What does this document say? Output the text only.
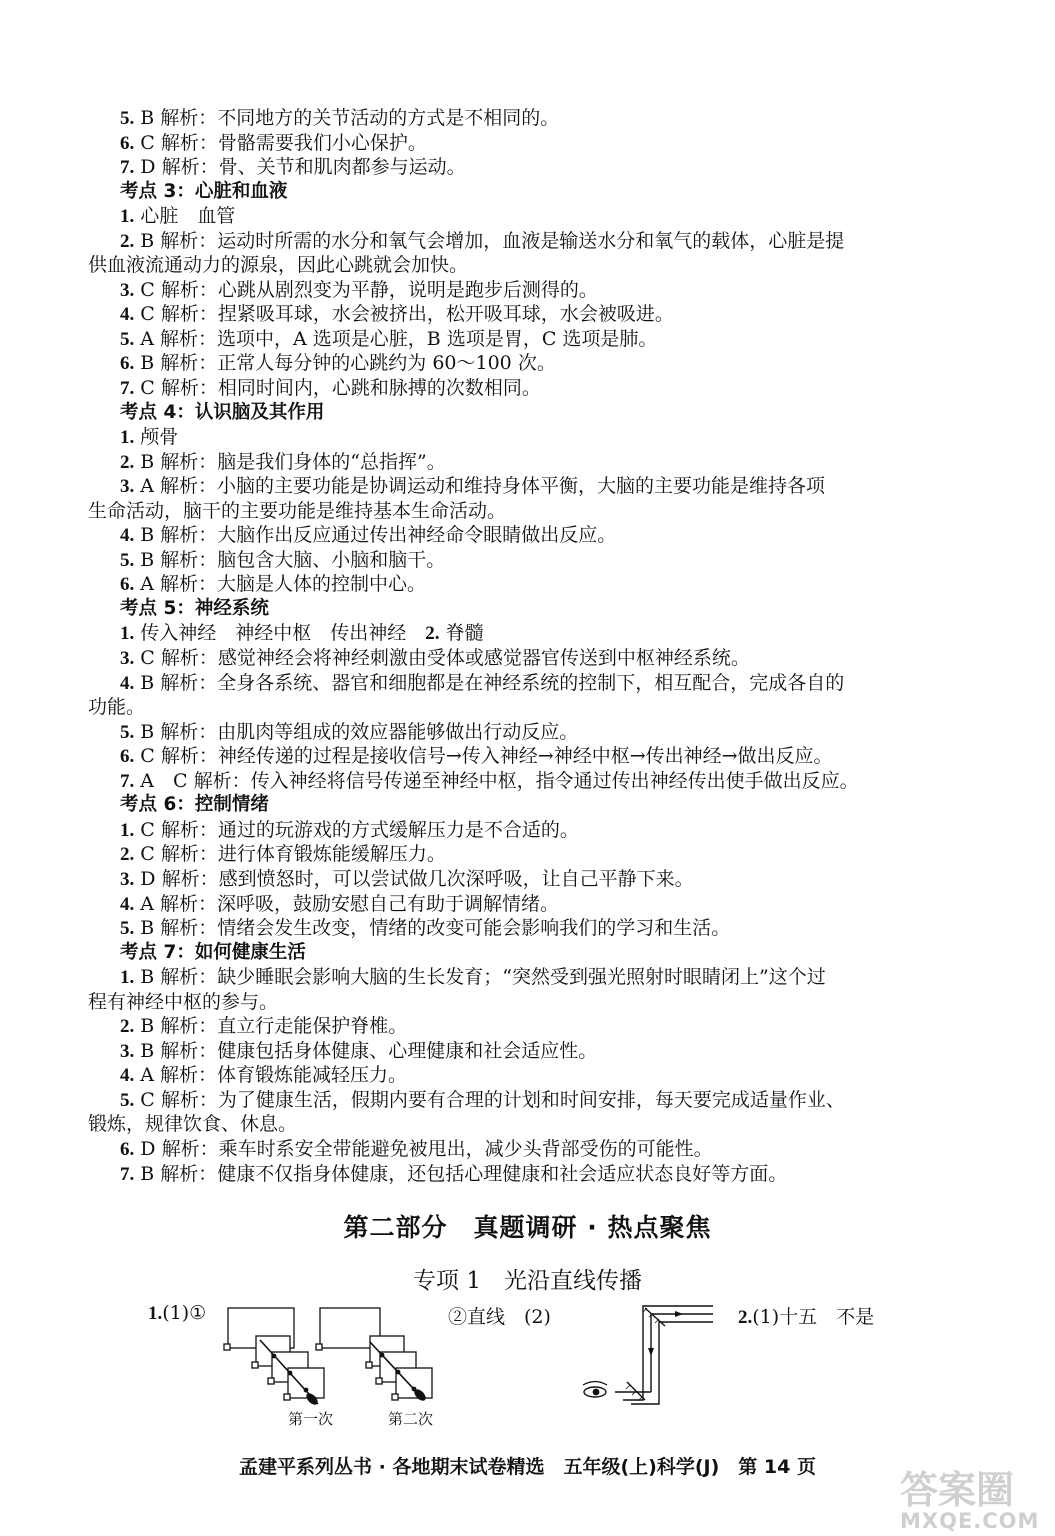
5. B 解析：不同地方的关节活动的方式是不相同的。
6. C 解析：骨骼需要我们小心保护。
7. D 解析：骨、关节和肌肉都参与运动。
考点 3：心脏和血液
1. 心脏　血管
2. B 解析：运动时所需的水分和氧气会增加，血液是输送水分和氧气的载体，心脏是提
供血液流通动力的源泉，因此心跳就会加快。
3. C 解析：心跳从剧烈变为平静，说明是跑步后测得的。
4. C 解析：捏紧吸耳球，水会被挤出，松开吸耳球，水会被吸进。
5. A 解析：选项中，A 选项是心脏，B 选项是胃，C 选项是肺。
6. B 解析：正常人每分钟的心跳约为 60～100 次。
7. C 解析：相同时间内，心跳和脉搏的次数相同。
考点 4：认识脑及其作用
1. 颅骨
2. B 解析：脑是我们身体的“总指挥”。
3. A 解析：小脑的主要功能是协调运动和维持身体平衡，大脑的主要功能是维持各项
生命活动，脑干的主要功能是维持基本生命活动。
4. B 解析：大脑作出反应通过传出神经命令眼睛做出反应。
5. B 解析：脑包含大脑、小脑和脑干。
6. A 解析：大脑是人体的控制中心。
考点 5：神经系统
1. 传入神经　神经中枢　传出神经　2. 脊髓
3. C 解析：感觉神经会将神经刺激由受体或感觉器官传送到中枢神经系统。
4. B 解析：全身各系统、器官和细胞都是在神经系统的控制下，相互配合，完成各自的
功能。
5. B 解析：由肌肉等组成的效应器能够做出行动反应。
6. C 解析：神经传递的过程是接收信号→传入神经→神经中枢→传出神经→做出反应。
7. A　C 解析：传入神经将信号传递至神经中枢，指令通过传出神经传出使手做出反应。
考点 6：控制情绪
1. C 解析：通过的玩游戏的方式缓解压力是不合适的。
2. C 解析：进行体育锻炼能缓解压力。
3. D 解析：感到愤怒时，可以尝试做几次深呼吸，让自己平静下来。
4. A 解析：深呼吸，鼓励安慰自己有助于调解情绪。
5. B 解析：情绪会发生改变，情绪的改变可能会影响我们的学习和生活。
考点 7：如何健康生活
1. B 解析：缺少睡眠会影响大脑的生长发育；“突然受到强光照射时眼睛闭上”这个过
程有神经中枢的参与。
2. B 解析：直立行走能保护脊椎。
3. B 解析：健康包括身体健康、心理健康和社会适应性。
4. A 解析：体育锻炼能减轻压力。
5. C 解析：为了健康生活，假期内要有合理的计划和时间安排，每天要完成适量作业、
锻炼，规律饮食、休息。
6. D 解析：乘车时系安全带能避免被甩出，减少头背部受伤的可能性。
7. B 解析：健康不仅指身体健康，还包括心理健康和社会适应状态良好等方面。
第二部分　真题调研 · 热点聚焦
专项 1　光沿直线传播
1.(1)①	②直线　(2)	2.(1)十五　不是
第一次	第二次
孟建平系列丛书 · 各地期末试卷精选　五年级(上)科学(J)　第 14 页
答案圈
MXQE.COM
